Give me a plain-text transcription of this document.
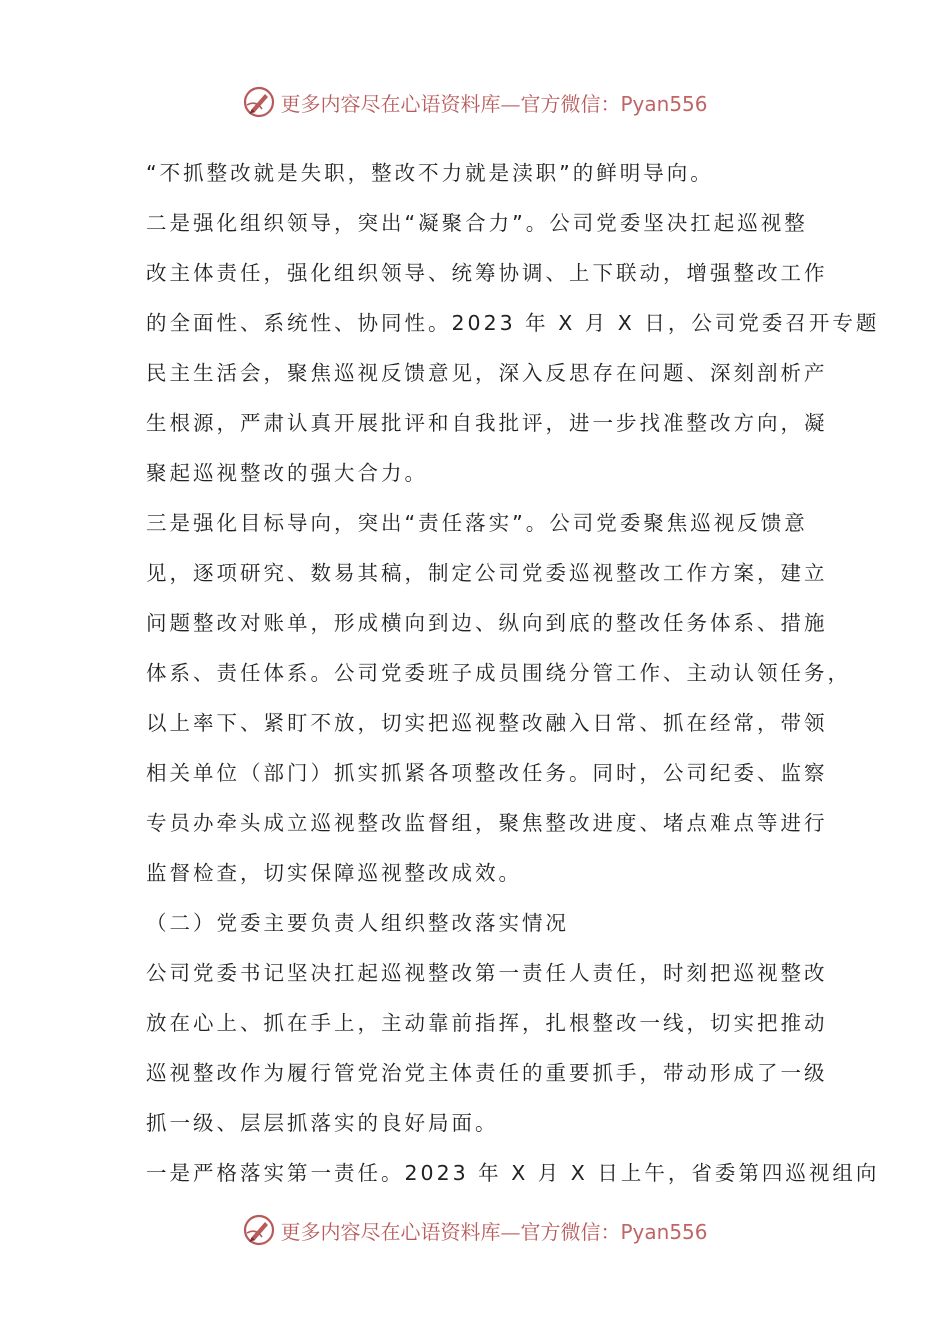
更多内容尽在心语资料库—官方微信：Pyan556
“不抓整改就是失职，整改不力就是渎职”的鲜明导向。
二是强化组织领导，突出“凝聚合力”。公司党委坚决扛起巡视整
改主体责任，强化组织领导、统筹协调、上下联动，增强整改工作
的全面性、系统性、协同性。2023 年 X 月 X 日，公司党委召开专题
民主生活会，聚焦巡视反馈意见，深入反思存在问题、深刻剖析产
生根源，严肃认真开展批评和自我批评，进一步找准整改方向，凝
聚起巡视整改的强大合力。
三是强化目标导向，突出“责任落实”。公司党委聚焦巡视反馈意
见，逐项研究、数易其稿，制定公司党委巡视整改工作方案，建立
问题整改对账单，形成横向到边、纵向到底的整改任务体系、措施
体系、责任体系。公司党委班子成员围绕分管工作、主动认领任务，
以上率下、紧盯不放，切实把巡视整改融入日常、抓在经常，带领
相关单位（部门）抓实抓紧各项整改任务。同时，公司纪委、监察
专员办牵头成立巡视整改监督组，聚焦整改进度、堵点难点等进行
监督检查，切实保障巡视整改成效。
（二）党委主要负责人组织整改落实情况
公司党委书记坚决扛起巡视整改第一责任人责任，时刻把巡视整改
放在心上、抓在手上，主动靠前指挥，扎根整改一线，切实把推动
巡视整改作为履行管党治党主体责任的重要抓手，带动形成了一级
抓一级、层层抓落实的良好局面。
一是严格落实第一责任。2023 年 X 月 X 日上午，省委第四巡视组向
更多内容尽在心语资料库—官方微信：Pyan556
